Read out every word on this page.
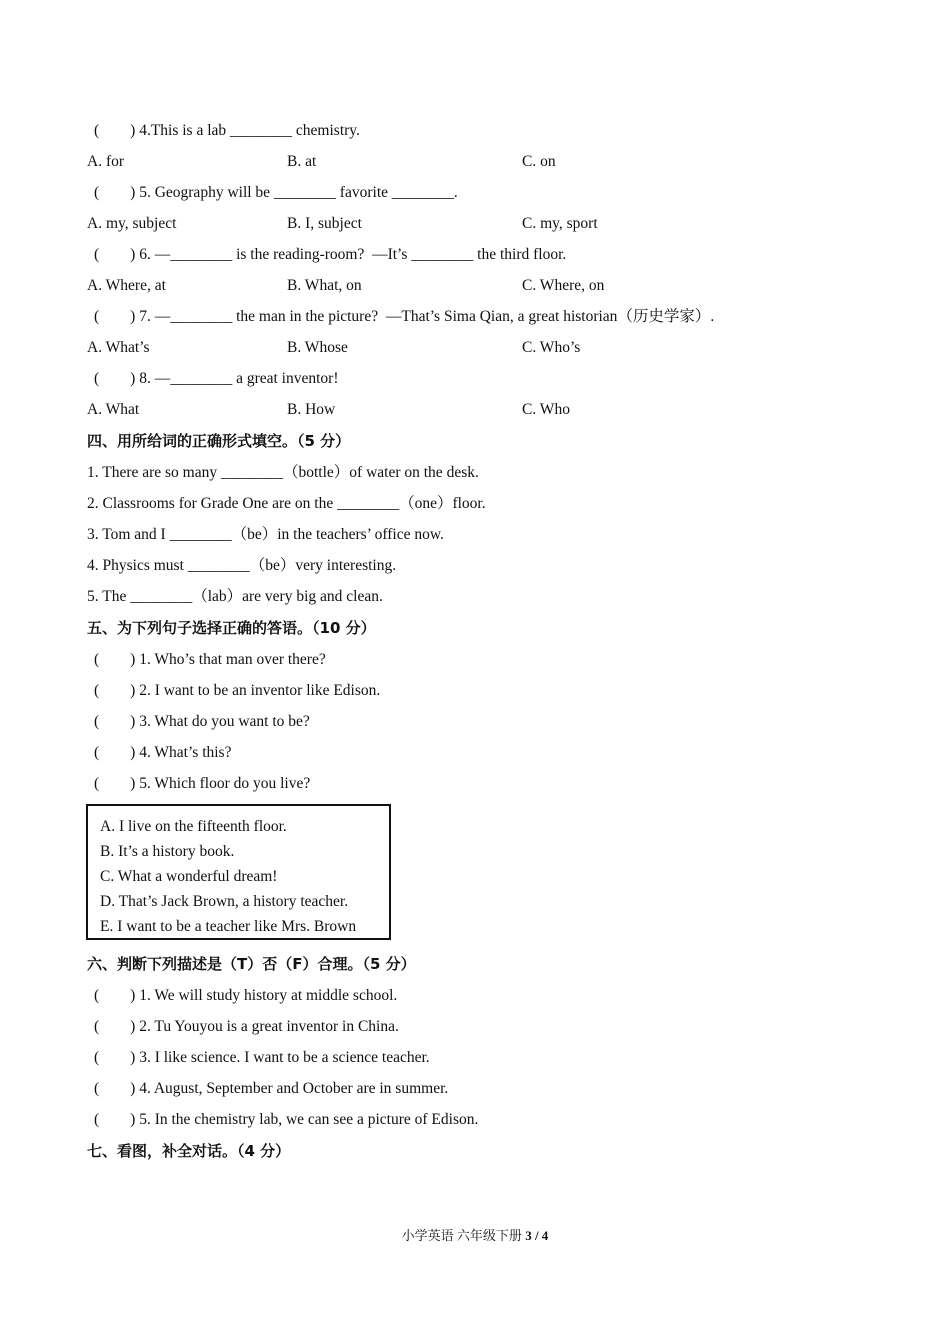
(        ) 4.This is a lab ________ chemistry.
A. for	B. at	C. on
(        ) 5. Geography will be ________ favorite ________.
A. my, subject	B. I, subject	C. my, sport
(        ) 6. —________ is the reading-room?  —It’s ________ the third floor.
A. Where, at	B. What, on	C. Where, on
(        ) 7. —________ the man in the picture?  —That’s Sima Qian, a great historian（历史学家）.
A. What’s	B. Whose	C. Who’s
(        ) 8. —________ a great inventor!
A. What	B. How	C. Who
四、用所给词的正确形式填空。（5 分）
1. There are so many ________（bottle）of water on the desk.
2. Classrooms for Grade One are on the ________（one）floor.
3. Tom and I ________（be）in the teachers’ office now.
4. Physics must ________（be）very interesting.
5. The ________（lab）are very big and clean.
五、为下列句子选择正确的答语。（10 分）
(        ) 1. Who’s that man over there?
(        ) 2. I want to be an inventor like Edison.
(        ) 3. What do you want to be?
(        ) 4. What’s this?
(        ) 5. Which floor do you live?
A. I live on the fifteenth floor.
B. It’s a history book.
C. What a wonderful dream!
D. That’s Jack Brown, a history teacher.
E. I want to be a teacher like Mrs. Brown
六、判断下列描述是（T）否（F）合理。（5 分）
(        ) 1. We will study history at middle school.
(        ) 2. Tu Youyou is a great inventor in China.
(        ) 3. I like science. I want to be a science teacher.
(        ) 4. August, September and October are in summer.
(        ) 5. In the chemistry lab, we can see a picture of Edison.
七、看图，补全对话。（4 分）
小学英语 六年级下册 3 / 4
